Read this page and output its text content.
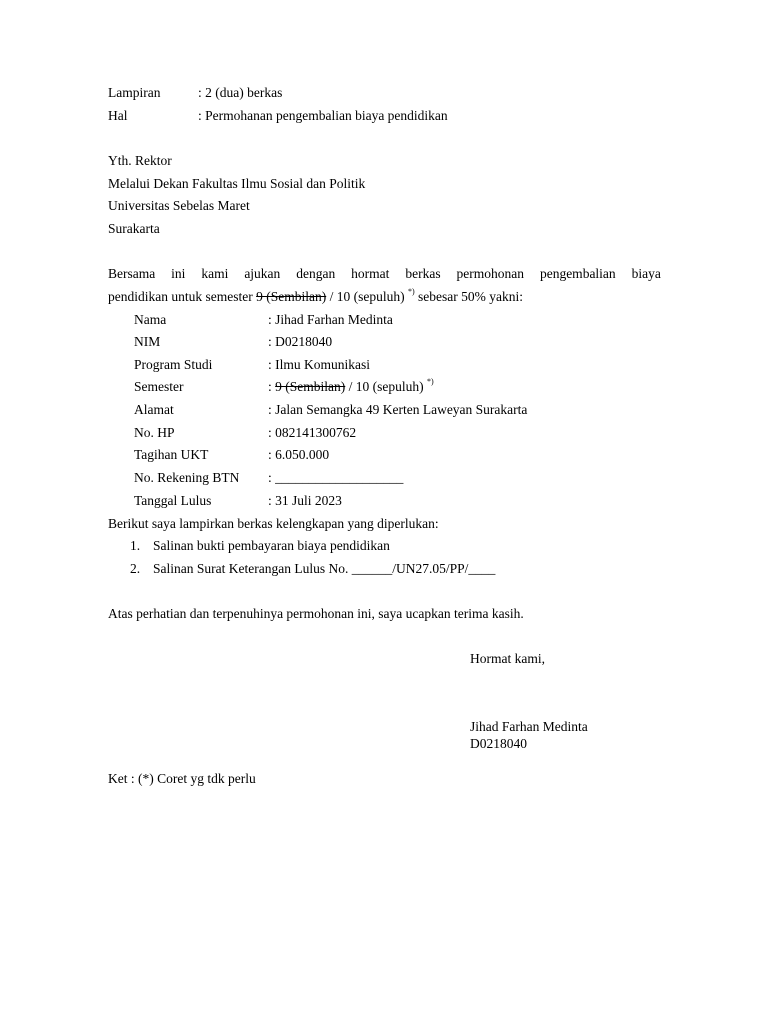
Lampiran	: 2 (dua) berkas
Hal	: Permohanan pengembalian biaya pendidikan
Yth. Rektor
Melalui Dekan Fakultas Ilmu Sosial dan Politik
Universitas Sebelas Maret
Surakarta
Bersama ini kami ajukan dengan hormat berkas permohonan pengembalian biaya
pendidikan untuk semester 9 (Sembilan) / 10 (sepuluh) *) sebesar 50% yakni:
Nama	: Jihad Farhan Medinta
NIM	: D0218040
Program Studi	: Ilmu Komunikasi
Semester	: 9 (Sembilan) / 10 (sepuluh) *)
Alamat	: Jalan Semangka 49 Kerten Laweyan Surakarta
No. HP	: 082141300762
Tagihan UKT	: 6.050.000
No. Rekening BTN : ___________________
Tanggal Lulus	: 31 Juli 2023
Berikut saya lampirkan berkas kelengkapan yang diperlukan:
1. Salinan bukti pembayaran biaya pendidikan
2. Salinan Surat Keterangan Lulus No. ______/UN27.05/PP/____
Atas perhatian dan terpenuhinya permohonan ini, saya ucapkan terima kasih.
Hormat kami,
Jihad Farhan Medinta
D0218040
Ket : (*) Coret yg tdk perlu
